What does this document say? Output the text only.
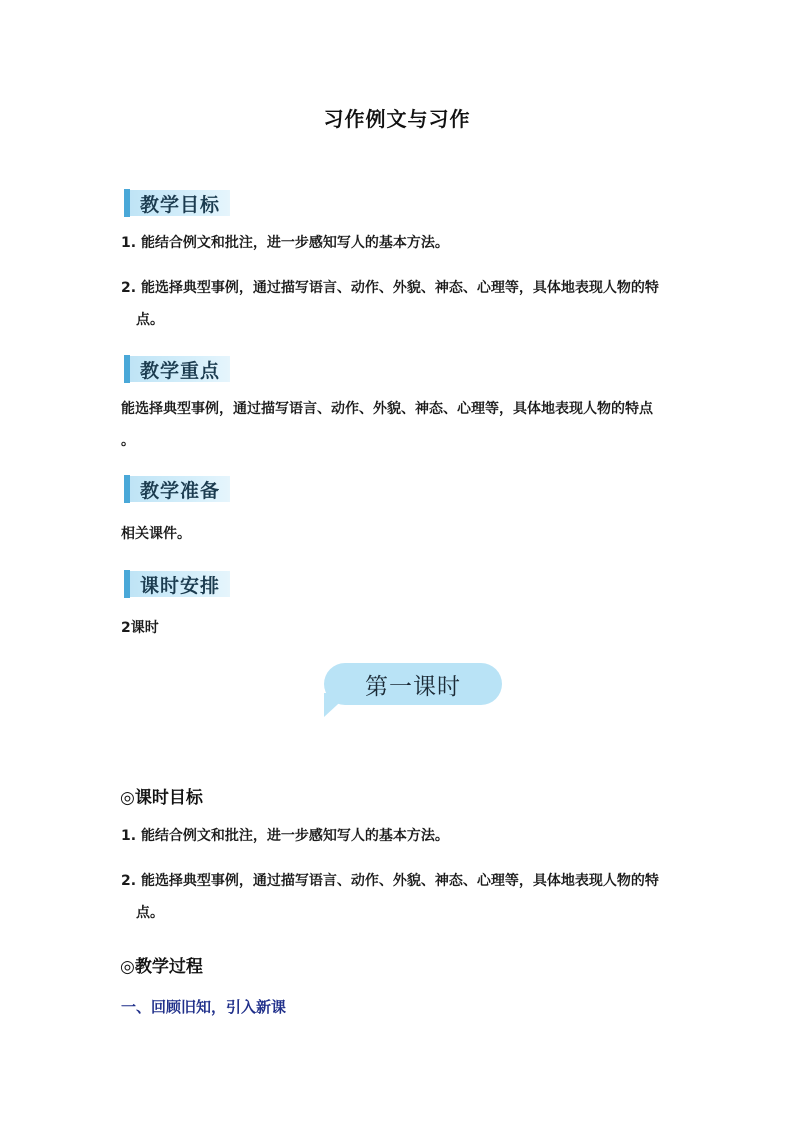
习作例文与习作
教学目标
1. 能结合例文和批注，进一步感知写人的基本方法。
2. 能选择典型事例，通过描写语言、动作、外貌、神态、心理等，具体地表现人物的特
点。
教学重点
能选择典型事例，通过描写语言、动作、外貌、神态、心理等，具体地表现人物的特点
。
教学准备
相关课件。
课时安排
2课时
第一课时
◎课时目标
1. 能结合例文和批注，进一步感知写人的基本方法。
2. 能选择典型事例，通过描写语言、动作、外貌、神态、心理等，具体地表现人物的特
点。
◎教学过程
一、回顾旧知，引入新课
